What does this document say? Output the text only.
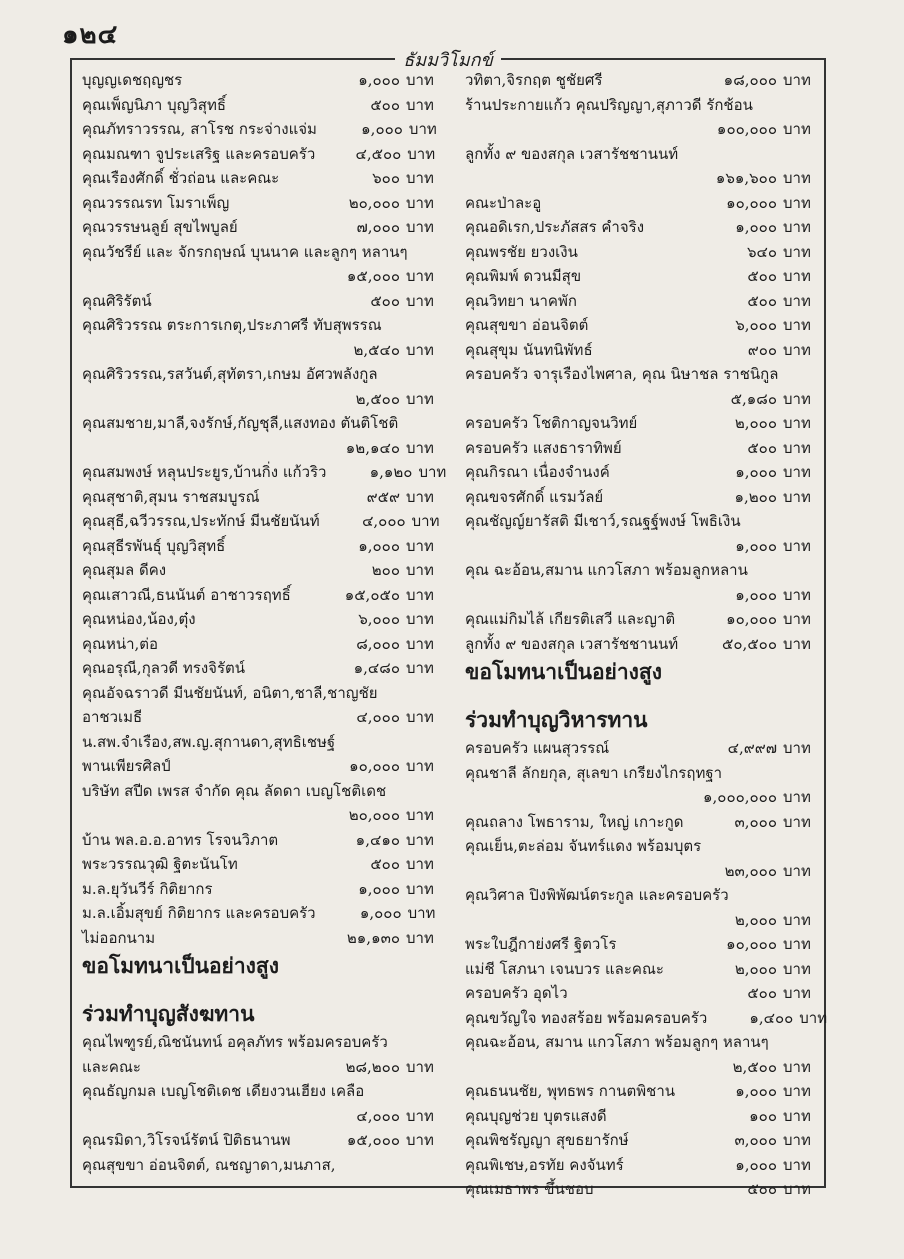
๑๒๔
ธัมมวิโมกข์
บุญญเดชฤญชร	๑,๐๐๐ บาท
คุณเพ็ญนิภา บุญวิสุทธิ์	๕๐๐ บาท
คุณภัทราวรรณ, สาโรช กระจ่างแจ่ม	๑,๐๐๐ บาท
คุณมณฑา จูประเสริฐ และครอบครัว	๔,๕๐๐ บาท
คุณเรืองศักดิ์ ชั่วถ่อน และคณะ	๖๐๐ บาท
คุณวรรณรท โมราเพ็ญ	๒๐,๐๐๐ บาท
คุณวรรษนลูย์ สุขไพบูลย์	๗,๐๐๐ บาท
คุณวัชรีย์ และ จักรกฤษณ์ บุนนาค และลูกๆ หลานๆ
๑๕,๐๐๐ บาท
คุณศิริรัตน์	๕๐๐ บาท
คุณศิริวรรณ ตระการเกตุ,ประภาศรี ทับสุพรรณ
๒,๕๔๐ บาท
คุณศิริวรรณ,รสวันต์,สุทัตรา,เกษม อัศวพลังกูล
๒,๕๐๐ บาท
คุณสมชาย,มาลี,จงรักษ์,กัญชุลี,แสงทอง ตันติโชติ
๑๒,๑๔๐ บาท
คุณสมพงษ์ หลุนประยูร,บ้านกิ่ง แก้วริว	๑,๑๒๐ บาท
คุณสุชาติ,สุมน ราชสมบูรณ์	๙๕๙ บาท
คุณสุธี,ฉวีวรรณ,ประทักษ์ มีนชัยนันท์	๔,๐๐๐ บาท
คุณสุธีรพันธุ์ บุญวิสุทธิ์	๑,๐๐๐ บาท
คุณสุมล ดีคง	๒๐๐ บาท
คุณเสาวณี,ธนนันต์ อาชาวรฤทธิ์	๑๕,๐๕๐ บาท
คุณหน่อง,น้อง,ตุ๋ง	๖,๐๐๐ บาท
คุณหน่า,ต่อ	๘,๐๐๐ บาท
คุณอรุณี,กุลวดี ทรงจิรัตน์	๑,๔๘๐ บาท
คุณอัจฉราวดี มีนชัยนันท์, อนิตา,ชาลี,ชาญชัย
อาชวเมธี	๔,๐๐๐ บาท
น.สพ.จำเรือง,สพ.ญ.สุกานดา,สุทธิเชษฐ์
พานเพียรศิลป์	๑๐,๐๐๐ บาท
บริษัท สปีด เพรส จำกัด คุณ ลัดดา เบญโชติเดช
๒๐,๐๐๐ บาท
บ้าน พล.อ.อ.อาทร โรจนวิภาต	๑,๔๑๐ บาท
พระวรรณวุฒิ ฐิตะนันโท	๕๐๐ บาท
ม.ล.ยุวันวีร์ กิติยากร	๑,๐๐๐ บาท
ม.ล.เอิ้มสุขย์ กิติยากร และครอบครัว	๑,๐๐๐ บาท
ไม่ออกนาม	๒๑,๑๓๐ บาท
ขอโมทนาเป็นอย่างสูง
ร่วมทำบุญสังฆทาน
คุณไพฑูรย์,ณิชนันทน์ อคุลภัทร พร้อมครอบครัว
และคณะ	๒๘,๒๐๐ บาท
คุณธัญกมล เบญโชติเดช เดียงวนเฮียง เคลือ
๔,๐๐๐ บาท
คุณรมิดา,วิโรจน์รัตน์ ปิติธนานพ	๑๕,๐๐๐ บาท
คุณสุขขา อ่อนจิตต์, ณชญาดา,มนภาส,
วทิตา,จิรกฤต ชูชัยศรี	๑๘,๐๐๐ บาท
ร้านประกายแก้ว คุณปริญญา,สุภาวดี รักช้อน
๑๐๐,๐๐๐ บาท
ลูกทั้ง ๙ ของสกุล เวสารัชชานนท์
๑๖๑,๖๐๐ บาท
คณะป่าละอู	๑๐,๐๐๐ บาท
คุณอดิเรก,ประภัสสร คำจริง	๑,๐๐๐ บาท
คุณพรชัย ยวงเงิน	๖๔๐ บาท
คุณพิมพ์ ดวนมีสุข	๕๐๐ บาท
คุณวิทยา นาคพัก	๕๐๐ บาท
คุณสุขขา อ่อนจิตต์	๖,๐๐๐ บาท
คุณสุขุม นันทนิพัทธ์	๙๐๐ บาท
ครอบครัว จารุเรืองไพศาล, คุณ นิษาชล ราชนิกูล
๕,๑๘๐ บาท
ครอบครัว โชติกาญจนวิทย์	๒,๐๐๐ บาท
ครอบครัว แสงธาราทิพย์	๕๐๐ บาท
คุณกิรณา เนื่องจำนงค์	๑,๐๐๐ บาท
คุณขจรศักดิ์ แรมวัลย์	๑,๒๐๐ บาท
คุณชัญญ์ยารัสติ มีเชาว์,รณฐฐ์พงษ์ โพธิเงิน
๑,๐๐๐ บาท
คุณ ฉะอ้อน,สมาน แกวโสภา พร้อมลูกหลาน
๑,๐๐๐ บาท
คุณแม่กิมไล้ เกียรติเสวี และญาติ	๑๐,๐๐๐ บาท
ลูกทั้ง ๙ ของสกุล เวสารัชชานนท์	๕๐,๕๐๐ บาท
ขอโมทนาเป็นอย่างสูง
ร่วมทำบุญวิหารทาน
ครอบครัว แผนสุวรรณ์	๔,๙๙๗ บาท
คุณชาลี ลักยกุล, สุเลขา เกรียงไกรฤทฐา
๑,๐๐๐,๐๐๐ บาท
คุณถลาง โพธาราม, ใหญ่ เกาะกูด	๓,๐๐๐ บาท
คุณเย็น,ตะล่อม จันทร์แดง พร้อมบุตร
๒๓,๐๐๐ บาท
คุณวิศาล ปิงพิพัฒน์ตระกูล และครอบครัว
๒,๐๐๐ บาท
พระใบฎีกาย่งศรี ฐิตวโร	๑๐,๐๐๐ บาท
แม่ชี โสภนา เจนบวร และคณะ	๒,๐๐๐ บาท
ครอบครัว อุดไว	๕๐๐ บาท
คุณขวัญใจ ทองสร้อย พร้อมครอบครัว	๑,๔๐๐ บาท
คุณฉะอ้อน, สมาน แกวโสภา พร้อมลูกๆ หลานๆ
๒,๕๐๐ บาท
คุณธนนชัย, พุทธพร กานตพิชาน	๑,๐๐๐ บาท
คุณบุญช่วย บุตรแสงดี	๑๐๐ บาท
คุณพิชรัญญา สุขธยารักษ์	๓,๐๐๐ บาท
คุณพิเชษ,อรทัย คงจันทร์	๑,๐๐๐ บาท
คุณเมธาพร ขึ้นชอบ	๕๐๐ บาท
